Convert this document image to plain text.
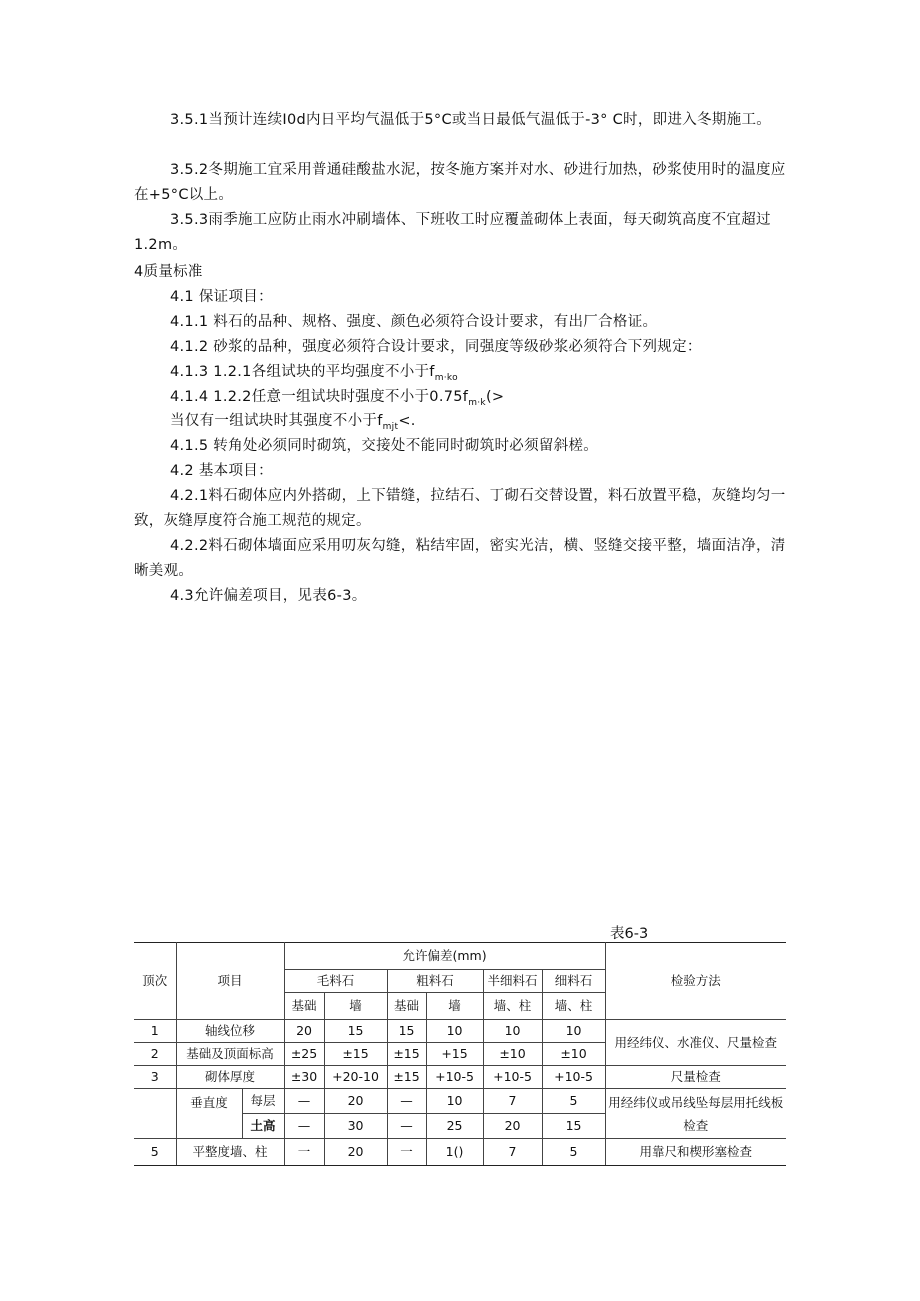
3.5.1当预计连续I0d内日平均气温低于5°C或当日最低气温低于-3° C时，即进入冬期施工。

3.5.2冬期施工宜采用普通硅酸盐水泥，按冬施方案并对水、砂进行加热，砂浆使用时的温度应在+5°C以上。

3.5.3雨季施工应防止雨水冲刷墙体、下班收工时应覆盖砌体上表面，每天砌筑高度不宜超过1.2m。

4质量标准
4.1 保证项目：
4.1.1 料石的品种、规格、强度、颜色必须符合设计要求，有出厂合格证。
4.1.2 砂浆的品种，强度必须符合设计要求，同强度等级砂浆必须符合下列规定：
4.1.3 1.2.1各组试块的平均强度不小于$f_{m\cdot ko}$
4.1.4 1.2.2任意一组试块时强度不小于$0.75f_{m\cdot k}(>$
当仅有一组试块时其强度不小于$f_{mjt}<$.
4.1.5 转角处必须同时砌筑，交接处不能同时砌筑时必须留斜槎。
4.2 基本项目：

4.2.1料石砌体应内外搭砌，上下错缝，拉结石、丁砌石交替设置，料石放置平稳，灰缝均匀一致，灰缝厚度符合施工规范的规定。

4.2.2料石砌体墙面应采用叨灰勾缝，粘结牢固，密实光洁，横、竖缝交接平整，墙面洁净，清晰美观。

4.3允许偏差项目，见表6-3。
表6-3
顶次	项目		允许偏差(mm)						检验方法
			毛料石		粗料石		半细料石	细料石	
			基础	墙	基础	墙	墙、柱	墙、柱	
1	轴线位移		20	15	15	10	10	10	用经纬仪、水准仪、尺量检查
2	基础及顶面标高		±25	±15	±15	+15	±10	±10	
3	砌体厚度		±30	+20-10	±15	+10-5	+10-5	+10-5	尺量检查
	垂直度	每层	—	20	—	10	7	5	用经纬仪或吊线坠每层用托线板检查
		土高	—	30	—	25	20	15	
5	平整度墙、柱		一	20	一	1()	7	5	用靠尺和楔形塞检查
